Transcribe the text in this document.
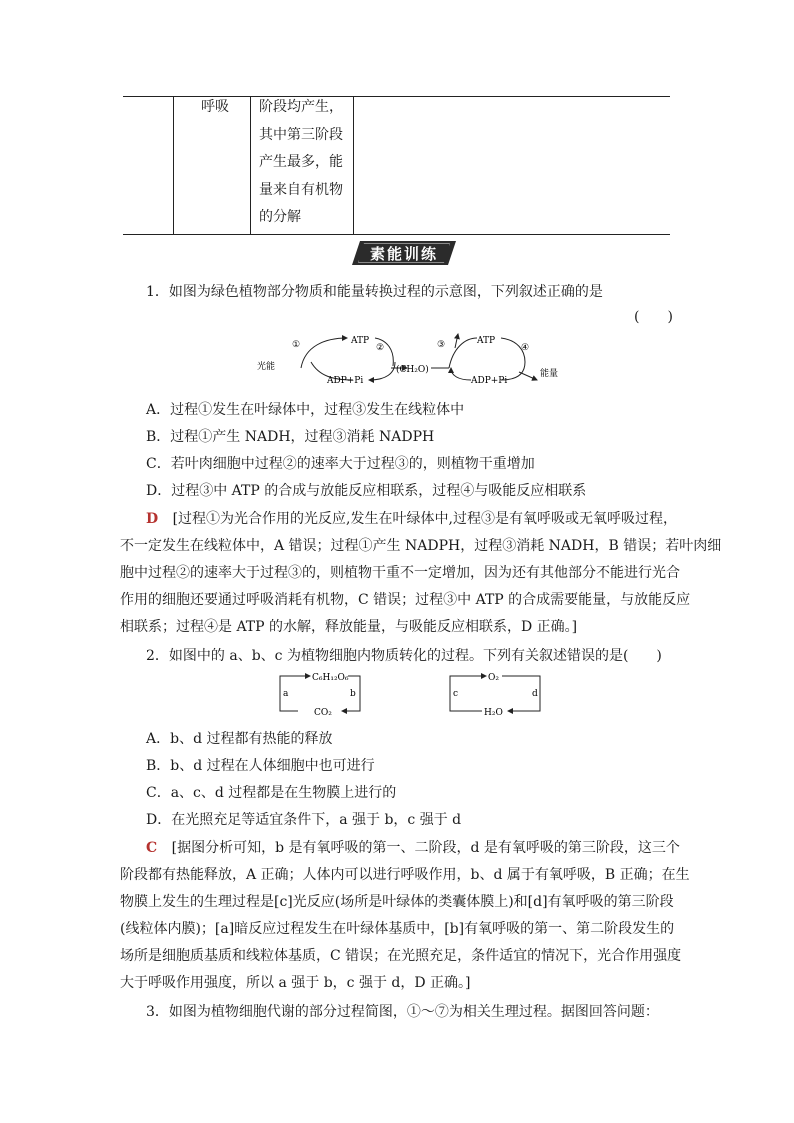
呼吸 阶段均产生，
其中第三阶段
产生最多，能
量来自有机物
的分解
素能训练
1．如图为绿色植物部分物质和能量转换过程的示意图，下列叙述正确的是
(　　)
光能
ATP
ADP+Pi
①	②
(CH₂O)
ATP
ADP+Pi
③	④
能量
A．过程①发生在叶绿体中，过程③发生在线粒体中
B．过程①产生 NADH，过程③消耗 NADPH
C．若叶肉细胞中过程②的速率大于过程③的，则植物干重增加
D．过程③中 ATP 的合成与放能反应相联系，过程④与吸能反应相联系
D [过程①为光合作用的光反应,发生在叶绿体中,过程③是有氧呼吸或无氧呼吸过程，
不一定发生在线粒体中，A 错误；过程①产生 NADPH，过程③消耗 NADH，B 错误；若叶肉细
胞中过程②的速率大于过程③的，则植物干重不一定增加，因为还有其他部分不能进行光合
作用的细胞还要通过呼吸消耗有机物，C 错误；过程③中 ATP 的合成需要能量，与放能反应
相联系；过程④是 ATP 的水解，释放能量，与吸能反应相联系，D 正确。]
2．如图中的 a、b、c 为植物细胞内物质转化的过程。下列有关叙述错误的是(　　)
C₆H₁₂O₆
CO₂
a	b
O₂
H₂O
c	d
A．b、d 过程都有热能的释放
B．b、d 过程在人体细胞中也可进行
C．a、c、d 过程都是在生物膜上进行的
D．在光照充足等适宜条件下，a 强于 b，c 强于 d
C [据图分析可知，b 是有氧呼吸的第一、二阶段，d 是有氧呼吸的第三阶段，这三个
阶段都有热能释放，A 正确；人体内可以进行呼吸作用，b、d 属于有氧呼吸，B 正确；在生
物膜上发生的生理过程是[c]光反应(场所是叶绿体的类囊体膜上)和[d]有氧呼吸的第三阶段
(线粒体内膜)；[a]暗反应过程发生在叶绿体基质中，[b]有氧呼吸的第一、第二阶段发生的
场所是细胞质基质和线粒体基质，C 错误；在光照充足，条件适宜的情况下，光合作用强度
大于呼吸作用强度，所以 a 强于 b，c 强于 d，D 正确。]
3．如图为植物细胞代谢的部分过程简图，①～⑦为相关生理过程。据图回答问题：
